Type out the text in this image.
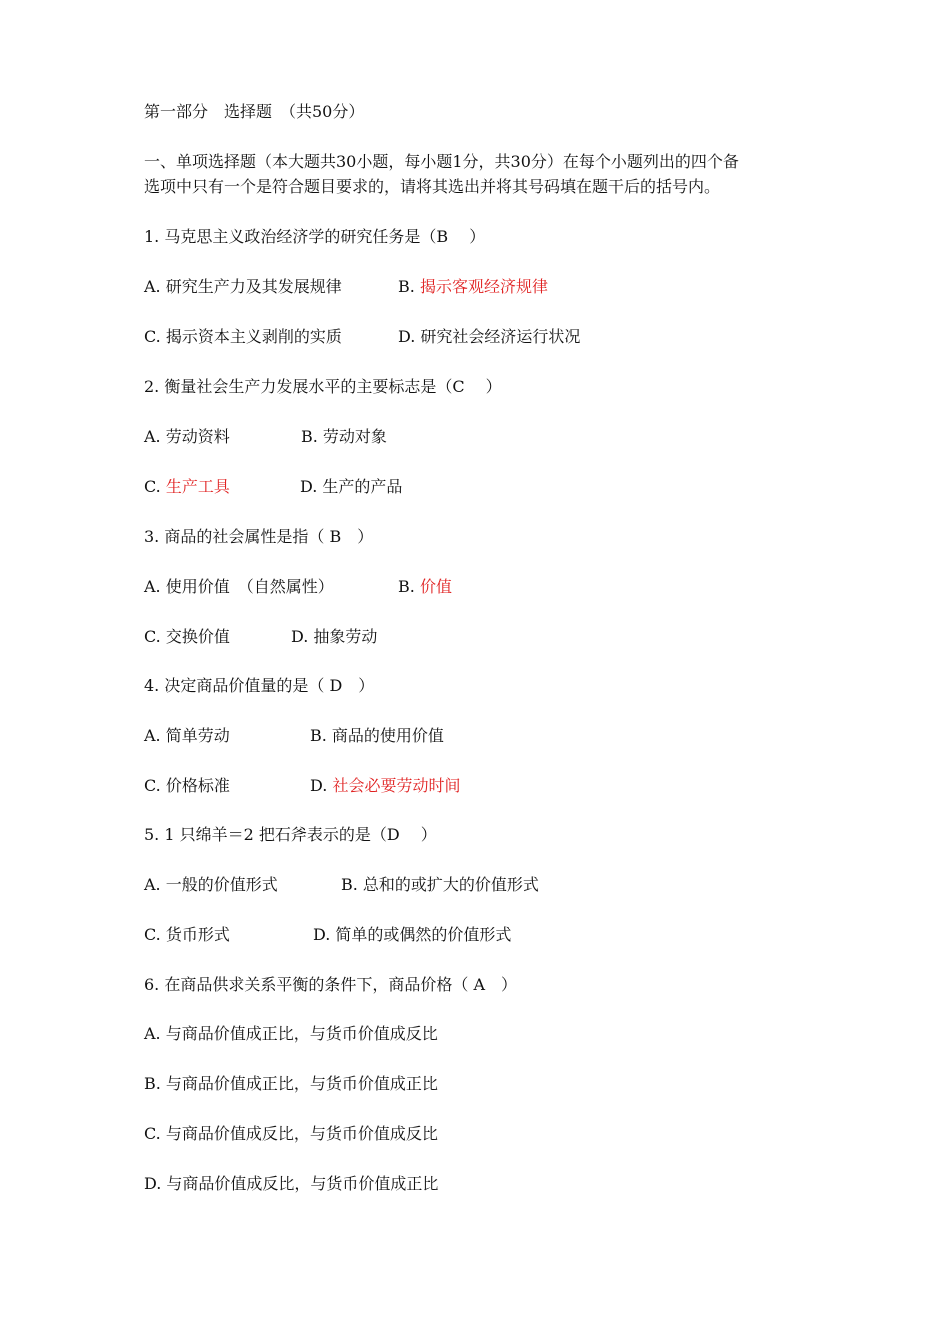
第一部分　选择题　（共50分）
一、单项选择题（本大题共30小题，每小题1分，共30分）在每个小题列出的四个备
选项中只有一个是符合题目要求的，请将其选出并将其号码填在题干后的括号内。
1. 马克思主义政治经济学的研究任务是（B　 ）
A. 研究生产力及其发展规律	B. 揭示客观经济规律
C. 揭示资本主义剥削的实质	D. 研究社会经济运行状况
2. 衡量社会生产力发展水平的主要标志是（C　 ）
A. 劳动资料	B. 劳动对象
C. 生产工具	D. 生产的产品
3. 商品的社会属性是指（ B　）
A. 使用价值　（自然属性）	B. 价值
C. 交换价值	D. 抽象劳动
4. 决定商品价值量的是（ D　）
A. 简单劳动	B. 商品的使用价值
C. 价格标准	D. 社会必要劳动时间
5. 1 只绵羊＝2 把石斧表示的是（D　 ）
A. 一般的价值形式	B. 总和的或扩大的价值形式
C. 货币形式	D. 简单的或偶然的价值形式
6. 在商品供求关系平衡的条件下，商品价格（ A　）
A. 与商品价值成正比，与货币价值成反比
B. 与商品价值成正比，与货币价值成正比
C. 与商品价值成反比，与货币价值成反比
D. 与商品价值成反比，与货币价值成正比
